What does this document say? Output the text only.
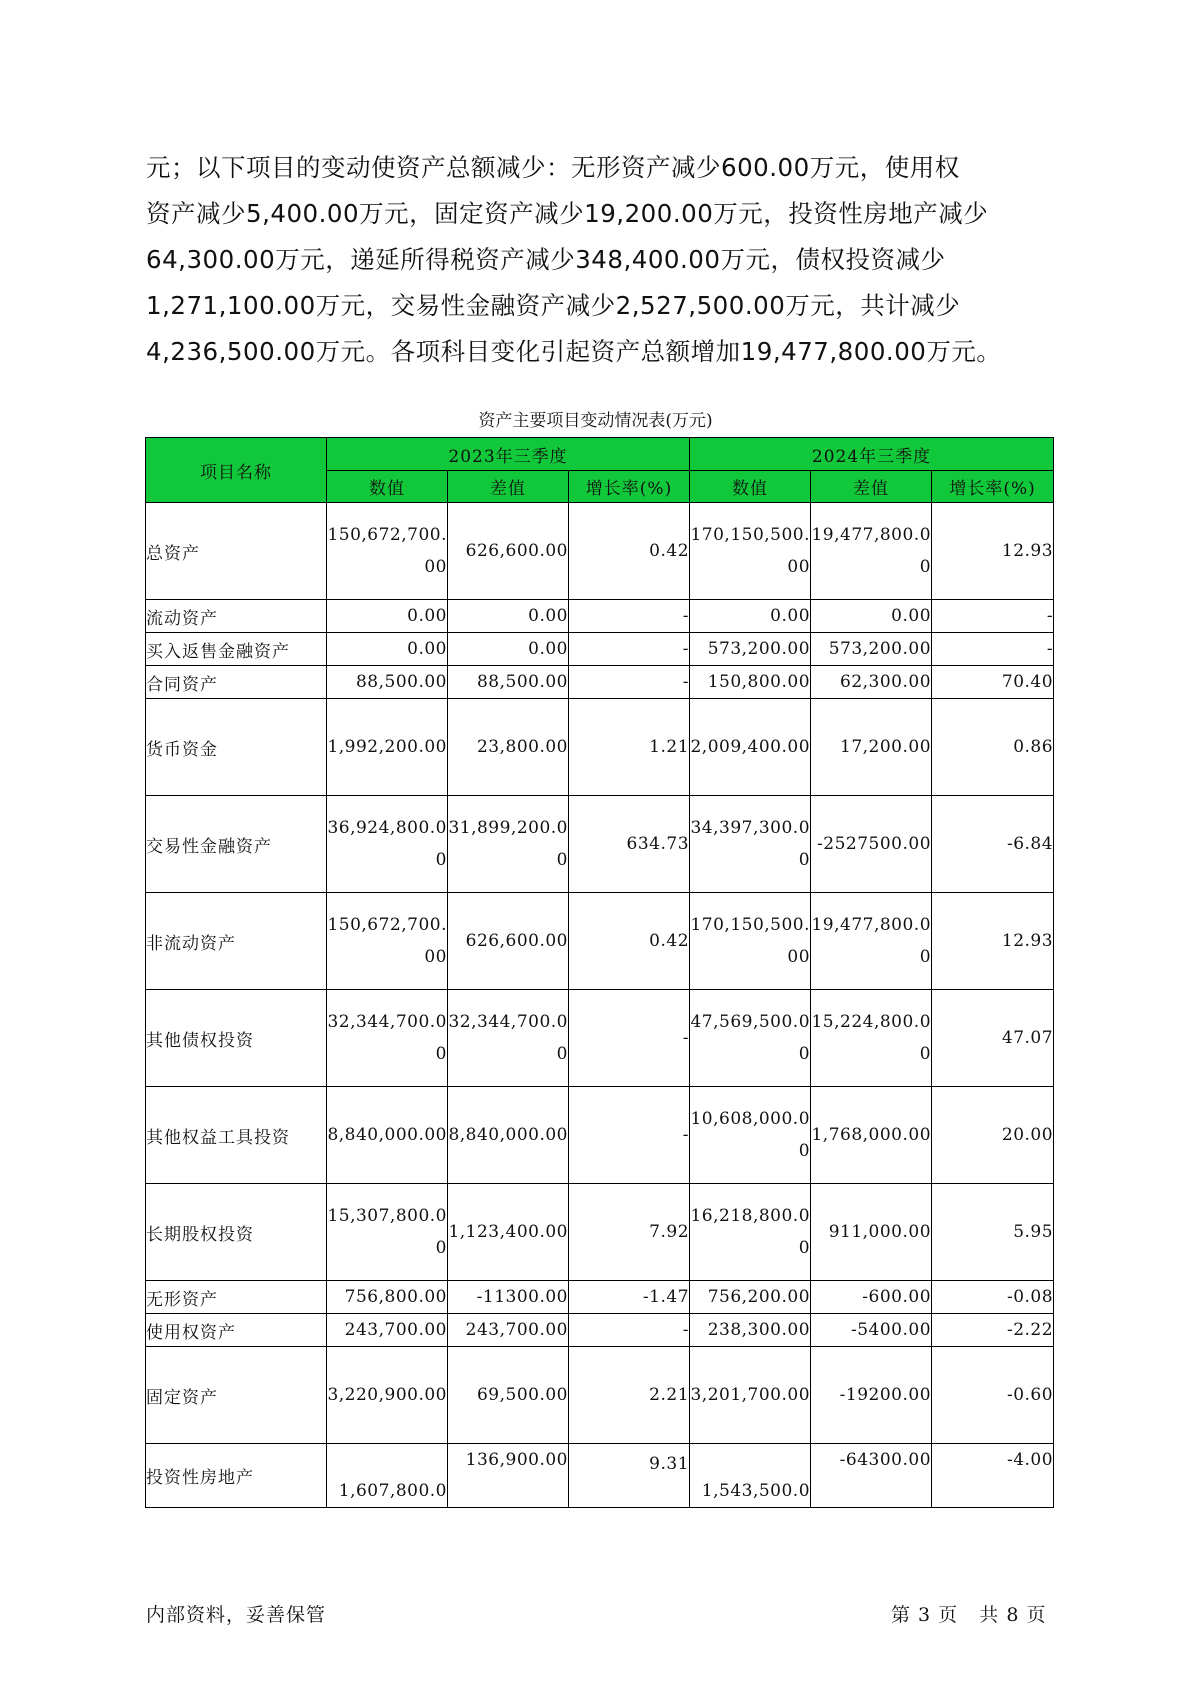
元；以下项目的变动使资产总额减少：无形资产减少600.00万元，使用权
资产减少5,400.00万元，固定资产减少19,200.00万元，投资性房地产减少
64,300.00万元，递延所得税资产减少348,400.00万元，债权投资减少
1,271,100.00万元，交易性金融资产减少2,527,500.00万元，共计减少
4,236,500.00万元。各项科目变化引起资产总额增加19,477,800.00万元。
资产主要项目变动情况表(万元)
项目名称	2023年三季度			2024年三季度		
	数值	差值	增长率(%)	数值	差值	增长率(%)
总资产	150,672,700.00	626,600.00	0.42	170,150,500.00	19,477,800.00	12.93
流动资产	0.00	0.00	-	0.00	0.00	-
买入返售金融资产	0.00	0.00	-	573,200.00	573,200.00	-
合同资产	88,500.00	88,500.00	-	150,800.00	62,300.00	70.40
货币资金	1,992,200.00	23,800.00	1.21	2,009,400.00	17,200.00	0.86
交易性金融资产	36,924,800.00	31,899,200.00	634.73	34,397,300.00	-2527500.00	-6.84
非流动资产	150,672,700.00	626,600.00	0.42	170,150,500.00	19,477,800.00	12.93
其他债权投资	32,344,700.00	32,344,700.00	-	47,569,500.00	15,224,800.00	47.07
其他权益工具投资	8,840,000.00	8,840,000.00	-	10,608,000.00	1,768,000.00	20.00
长期股权投资	15,307,800.00	1,123,400.00	7.92	16,218,800.00	911,000.00	5.95
无形资产	756,800.00	-11300.00	-1.47	756,200.00	-600.00	-0.08
使用权资产	243,700.00	243,700.00	-	238,300.00	-5400.00	-2.22
固定资产	3,220,900.00	69,500.00	2.21	3,201,700.00	-19200.00	-0.60
投资性房地产	1,607,800.0	136,900.00	9.31	1,543,500.0	-64300.00	-4.00
内部资料，妥善保管	第 3 页   共 8 页
